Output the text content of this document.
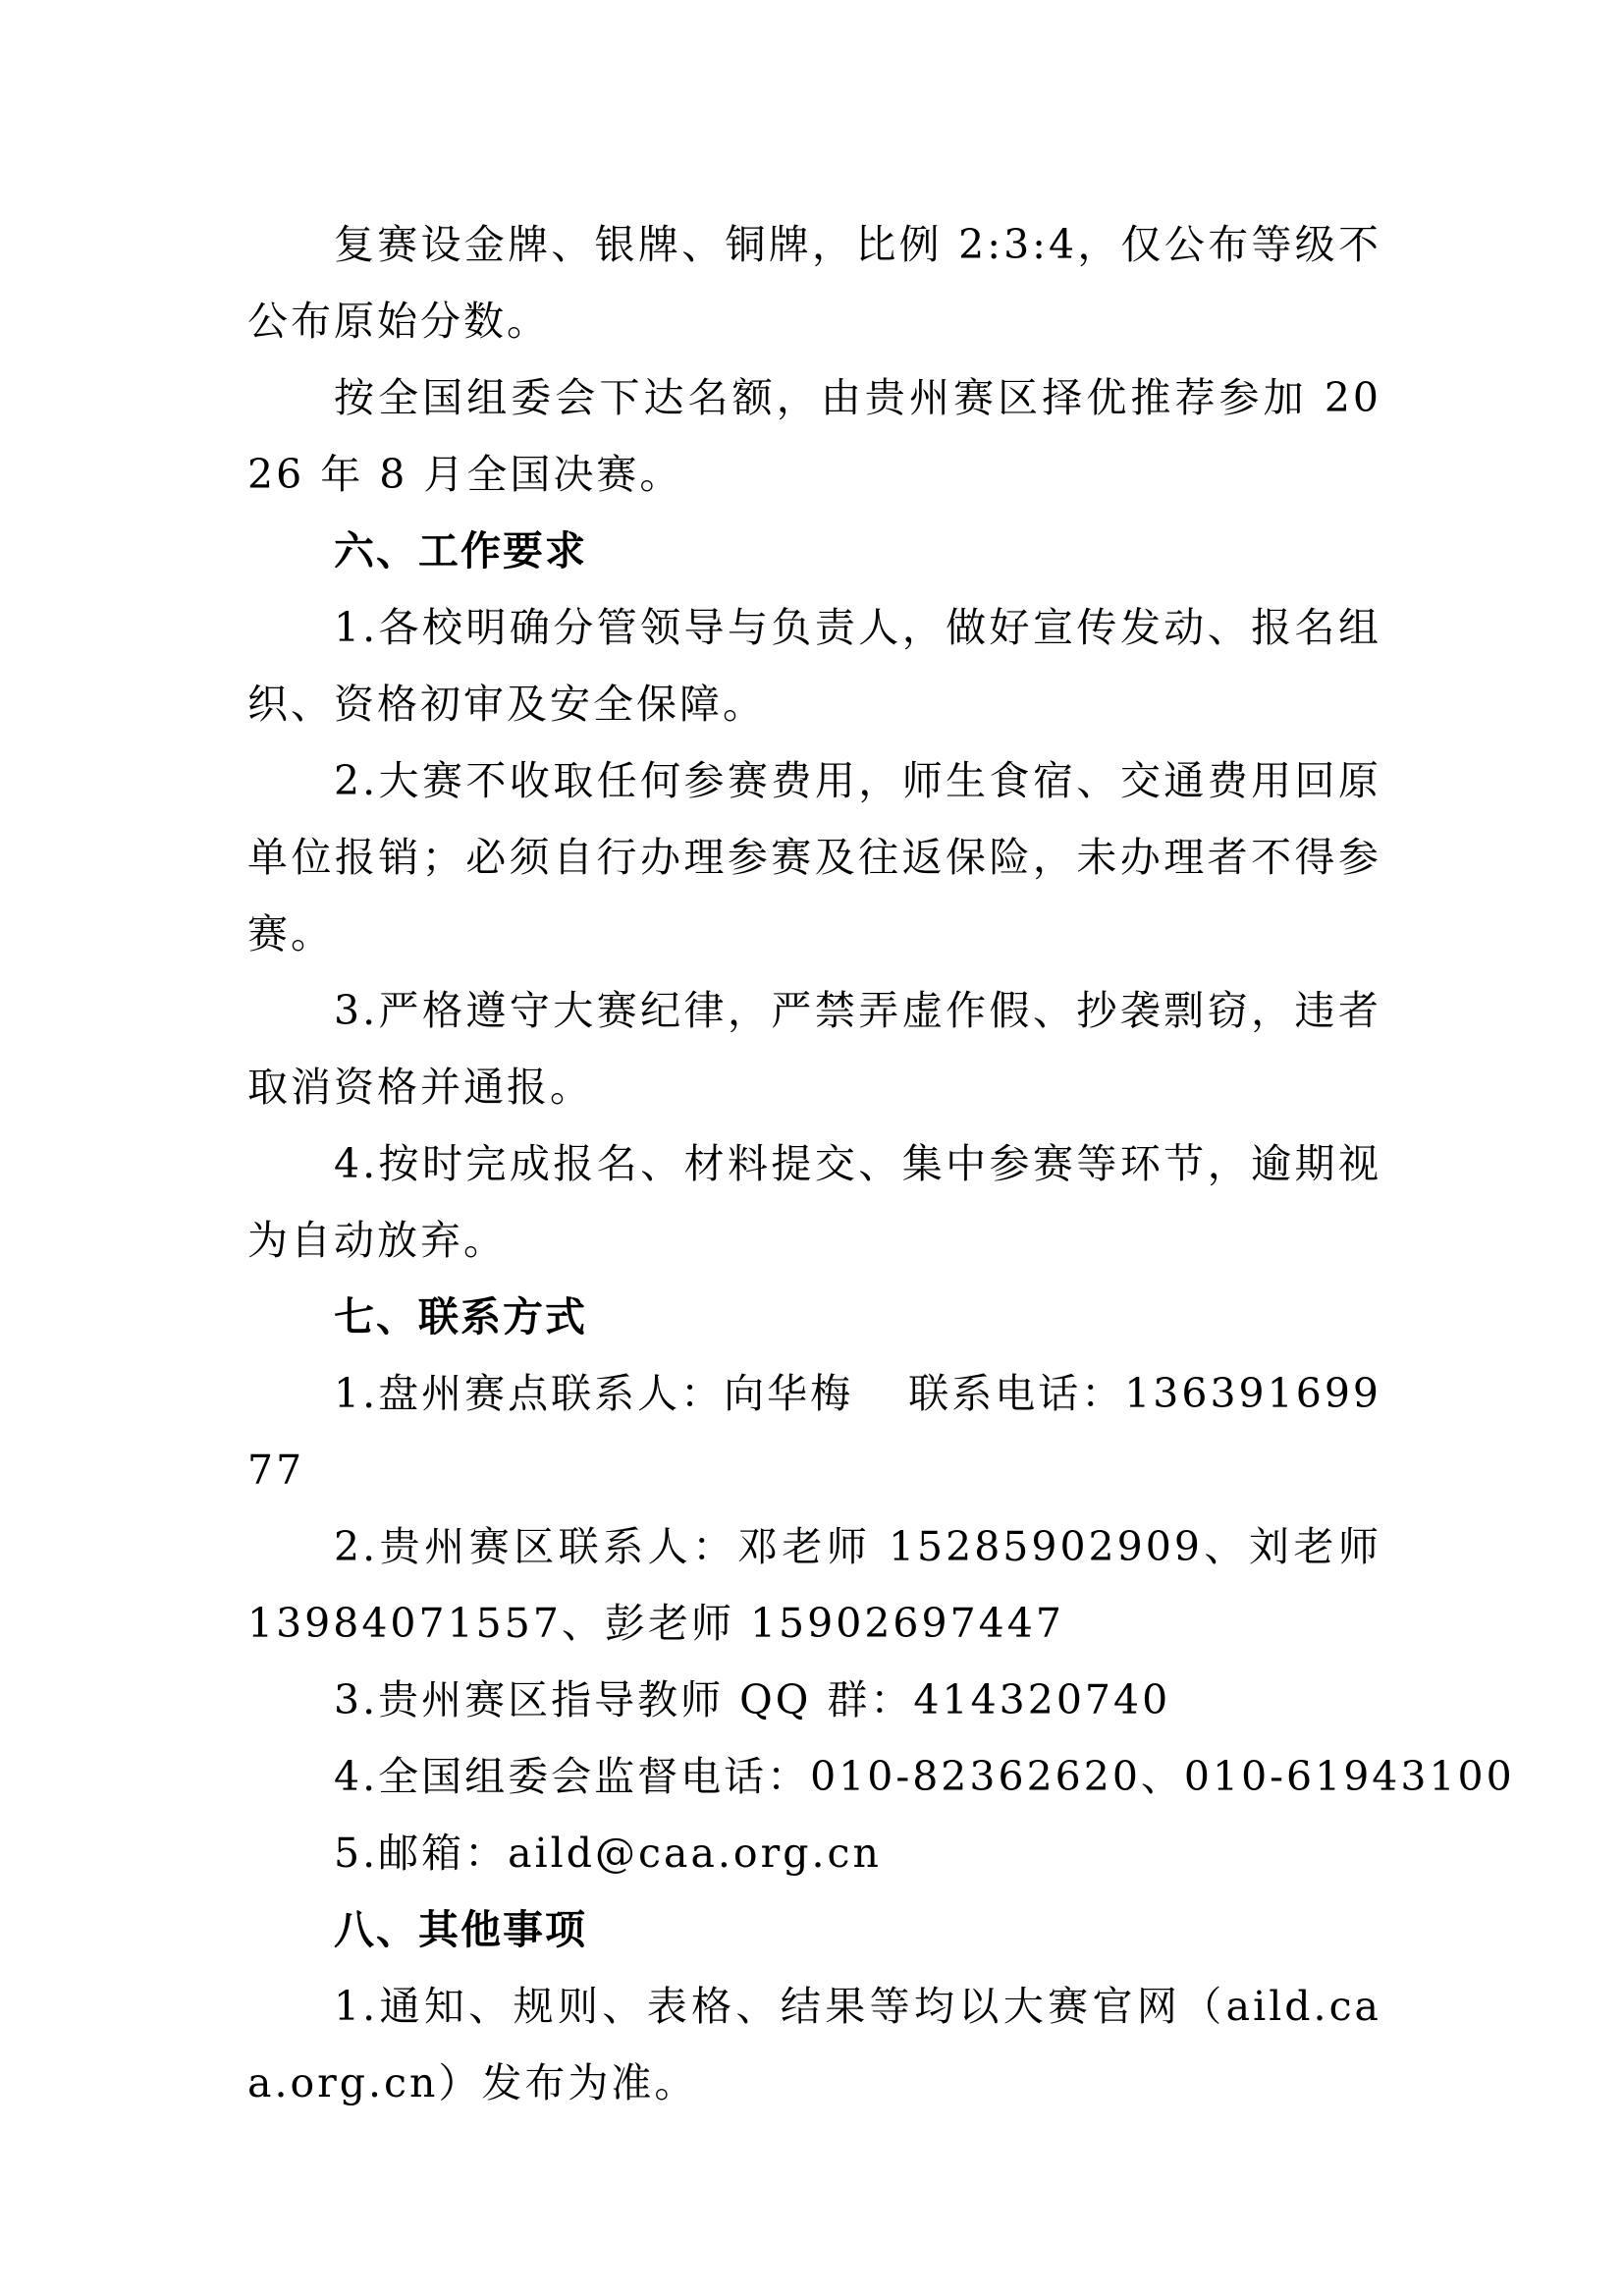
复赛设金牌、银牌、铜牌，比例 2:3:4，仅公布等级不公布原始分数。

按全国组委会下达名额，由贵州赛区择优推荐参加 2026 年 8 月全国决赛。

六、工作要求

1.各校明确分管领导与负责人，做好宣传发动、报名组织、资格初审及安全保障。

2.大赛不收取任何参赛费用，师生食宿、交通费用回原单位报销；必须自行办理参赛及往返保险，未办理者不得参赛。

3.严格遵守大赛纪律，严禁弄虚作假、抄袭剽窃，违者取消资格并通报。

4.按时完成报名、材料提交、集中参赛等环节，逾期视为自动放弃。

七、联系方式

1.盘州赛点联系人：向华梅 联系电话：13639169977

2.贵州赛区联系人：邓老师 15285902909、刘老师 13984071557、彭老师 15902697447

3.贵州赛区指导教师 QQ 群：414320740

4.全国组委会监督电话：010-82362620、010-61943100

5.邮箱：aild@caa.org.cn

八、其他事项

1.通知、规则、表格、结果等均以大赛官网（aild.caa.org.cn）发布为准。
